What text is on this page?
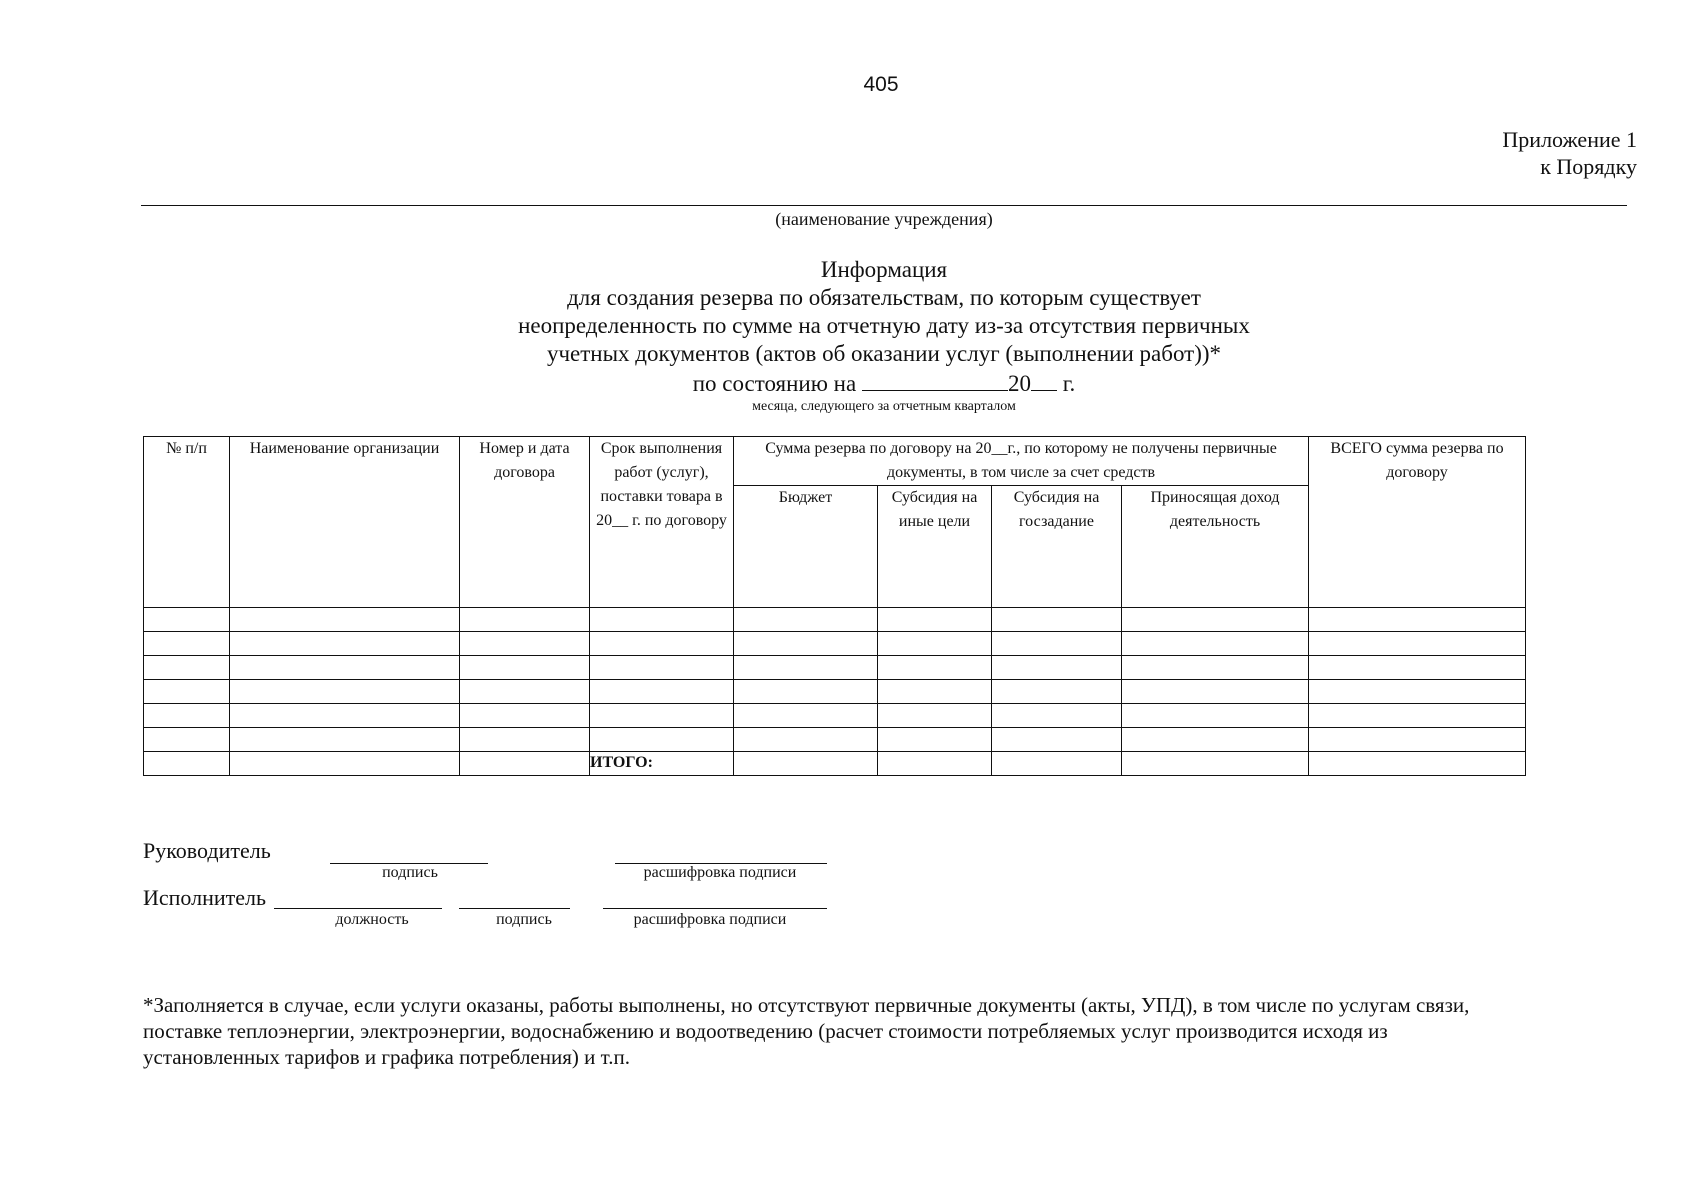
405
Приложение 1
к Порядку
(наименование учреждения)
Информация
для создания резерва по обязательствам, по которым существует
неопределенность по сумме на отчетную дату из-за отсутствия первичных
учетных документов (актов об оказании услуг (выполнении работ))*
по состоянию на	20 г.
месяца, следующего за отчетным кварталом
№ п/п	Наименование организации	Номер и дата договора	Срок выполнения работ (услуг), поставки товара в 20__ г. по договору	Сумма резерва по договору на 20__г., по которому не получены первичные документы, в том числе за счет средств				ВСЕГО сумма резерва по договору
				Бюджет	Субсидия на иные цели	Субсидия на госзадание	Приносящая доход деятельность	

			ИТОГО:					
Руководитель
подпись	расшифровка подписи
Исполнитель
должность	подпись	расшифровка подписи
*Заполняется в случае, если услуги оказаны, работы выполнены, но отсутствуют первичные документы (акты, УПД), в том числе по услугам связи,
поставке теплоэнергии, электроэнергии, водоснабжению и водоотведению (расчет стоимости потребляемых услуг производится исходя из
установленных тарифов и графика потребления) и т.п.
